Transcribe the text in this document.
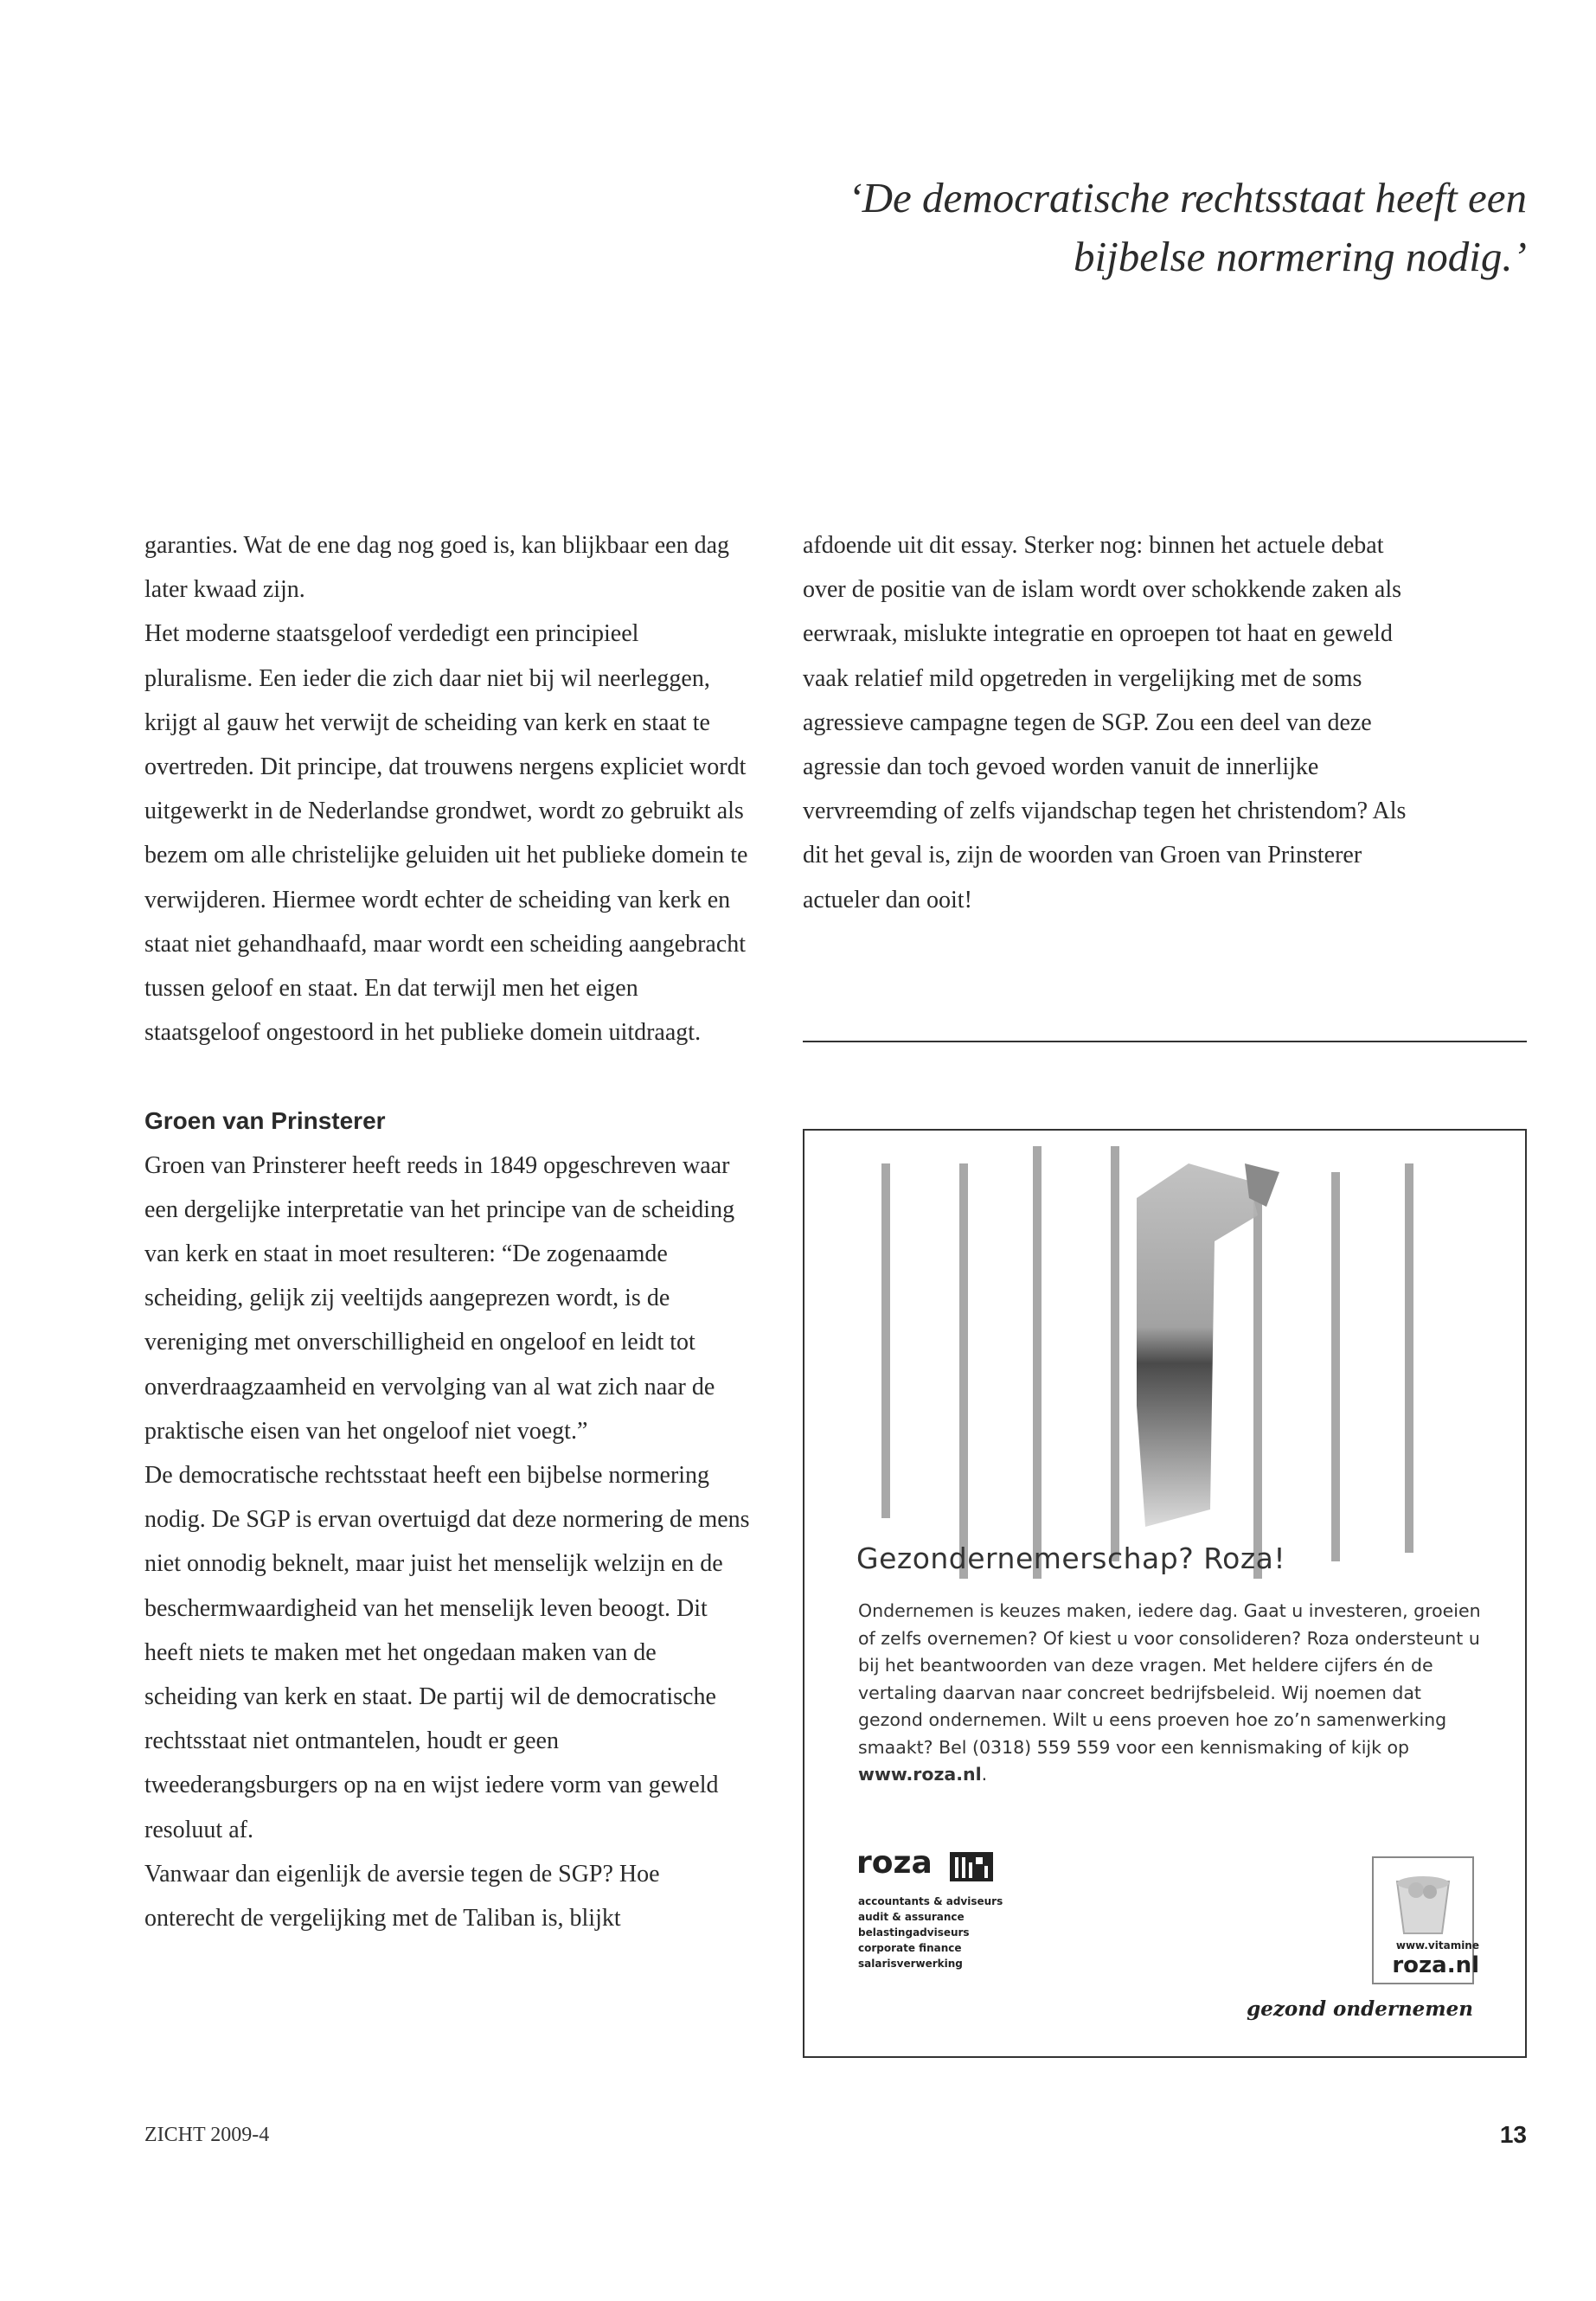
‘De democratische rechtsstaat heeft een
bijbelse normering nodig.’

garanties. Wat de ene dag nog goed is, kan blijkbaar een dag later kwaad zijn.

Het moderne staatsgeloof verdedigt een principieel pluralisme. Een ieder die zich daar niet bij wil neerleggen, krijgt al gauw het verwijt de scheiding van kerk en staat te overtreden. Dit principe, dat trouwens nergens expliciet wordt uitgewerkt in de Nederlandse grondwet, wordt zo gebruikt als bezem om alle christelijke geluiden uit het publieke domein te verwijderen. Hiermee wordt echter de scheiding van kerk en staat niet gehandhaafd, maar wordt een scheiding aangebracht tussen geloof en staat. En dat terwijl men het eigen staatsgeloof ongestoord in het publieke domein uitdraagt.

Groen van Prinsterer

Groen van Prinsterer heeft reeds in 1849 opgeschreven waar een dergelijke interpretatie van het principe van de scheiding van kerk en staat in moet resulteren: “De zogenaamde scheiding, gelijk zij veeltijds aangeprezen wordt, is de vereniging met onverschilligheid en ongeloof en leidt tot onverdraagzaamheid en vervolging van al wat zich naar de praktische eisen van het ongeloof niet voegt.”

De democratische rechtsstaat heeft een bijbelse normering nodig. De SGP is ervan overtuigd dat deze normering de mens niet onnodig beknelt, maar juist het menselijk welzijn en de beschermwaardigheid van het menselijk leven beoogt. Dit heeft niets te maken met het ongedaan maken van de scheiding van kerk en staat. De partij wil de democratische rechtsstaat niet ontmantelen, houdt er geen tweederangsburgers op na en wijst iedere vorm van geweld resoluut af.

Vanwaar dan eigenlijk de aversie tegen de SGP? Hoe onterecht de vergelijking met de Taliban is, blijkt

afdoende uit dit essay. Sterker nog: binnen het actuele debat over de positie van de islam wordt over schokkende zaken als eerwraak, mislukte integratie en oproepen tot haat en geweld vaak relatief mild opgetreden in vergelijking met de soms agressieve campagne tegen de SGP. Zou een deel van deze agressie dan toch gevoed worden vanuit de innerlijke vervreemding of zelfs vijandschap tegen het christendom? Als dit het geval is, zijn de woorden van Groen van Prinsterer actueler dan ooit!

Gezondernemerschap? Roza!

Ondernemen is keuzes maken, iedere dag. Gaat u investeren, groeien of zelfs overnemen? Of kiest u voor consolideren? Roza ondersteunt u bij het beantwoorden van deze vragen. Met heldere cijfers én de vertaling daarvan naar concreet bedrijfsbeleid. Wij noemen dat gezond ondernemen. Wilt u eens proeven hoe zo’n samenwerking smaakt? Bel (0318) 559 559 voor een kennismaking of kijk op www.roza.nl.

roza
accountants & adviseurs
audit & assurance
belastingadviseurs
corporate finance
salarisverwerking
www.vitamine
roza.nl
gezond ondernemen
ZICHT 2009-4	13
